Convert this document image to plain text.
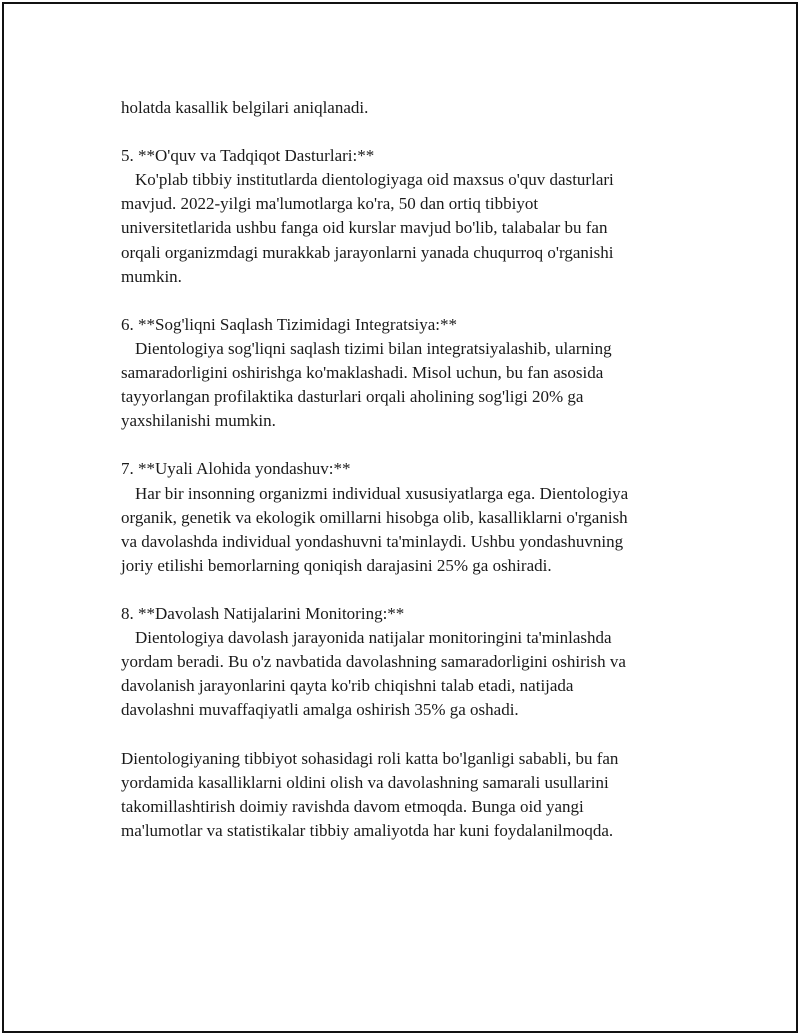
holatda kasallik belgilari aniqlanadi.
5. **O'quv va Tadqiqot Dasturlari:**
Ko'plab tibbiy institutlarda dientologiyaga oid maxsus o'quv dasturlari
mavjud. 2022-yilgi ma'lumotlarga ko'ra, 50 dan ortiq tibbiyot
universitetlarida ushbu fanga oid kurslar mavjud bo'lib, talabalar bu fan
orqali organizmdagi murakkab jarayonlarni yanada chuqurroq o'rganishi
mumkin.
6. **Sog'liqni Saqlash Tizimidagi Integratsiya:**
Dientologiya sog'liqni saqlash tizimi bilan integratsiyalashib, ularning
samaradorligini oshirishga ko'maklashadi. Misol uchun, bu fan asosida
tayyorlangan profilaktika dasturlari orqali aholining sog'ligi 20% ga
yaxshilanishi mumkin.
7. **Uyali Alohida yondashuv:**
Har bir insonning organizmi individual xususiyatlarga ega. Dientologiya
organik, genetik va ekologik omillarni hisobga olib, kasalliklarni o'rganish
va davolashda individual yondashuvni ta'minlaydi. Ushbu yondashuvning
joriy etilishi bemorlarning qoniqish darajasini 25% ga oshiradi.
8. **Davolash Natijalarini Monitoring:**
Dientologiya davolash jarayonida natijalar monitoringini ta'minlashda
yordam beradi. Bu o'z navbatida davolashning samaradorligini oshirish va
davolanish jarayonlarini qayta ko'rib chiqishni talab etadi, natijada
davolashni muvaffaqiyatli amalga oshirish 35% ga oshadi.
Dientologiyaning tibbiyot sohasidagi roli katta bo'lganligi sababli, bu fan
yordamida kasalliklarni oldini olish va davolashning samarali usullarini
takomillashtirish doimiy ravishda davom etmoqda. Bunga oid yangi
ma'lumotlar va statistikalar tibbiy amaliyotda har kuni foydalanilmoqda.
